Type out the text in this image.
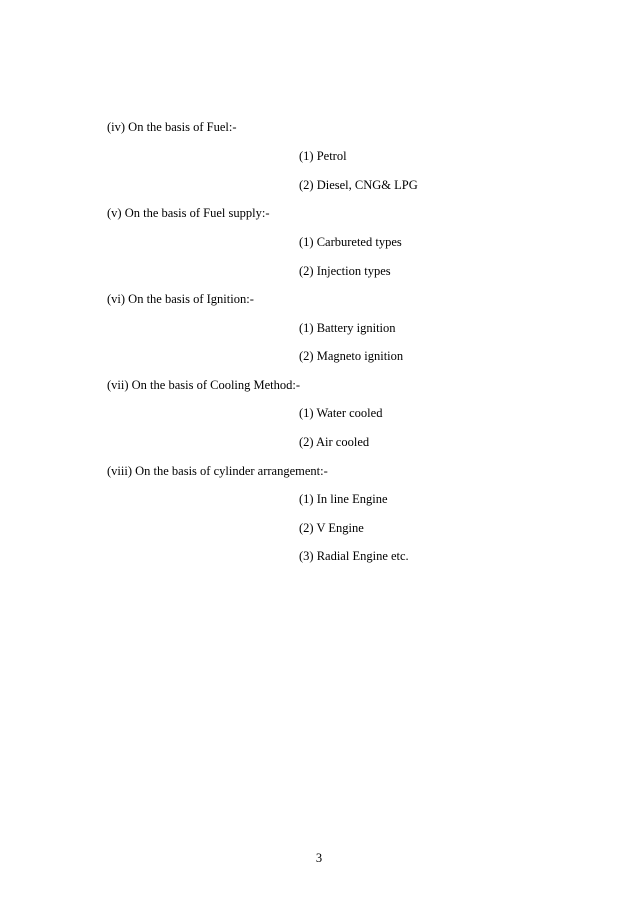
(iv) On the basis of Fuel:-
(1) Petrol
(2) Diesel, CNG& LPG
(v) On the basis of Fuel supply:-
(1) Carbureted types
(2) Injection types
(vi) On the basis of Ignition:-
(1) Battery ignition
(2) Magneto ignition
(vii) On the basis of Cooling Method:-
(1) Water cooled
(2) Air cooled
(viii) On the basis of cylinder arrangement:-
(1) In line Engine
(2) V Engine
(3) Radial Engine etc.
3
